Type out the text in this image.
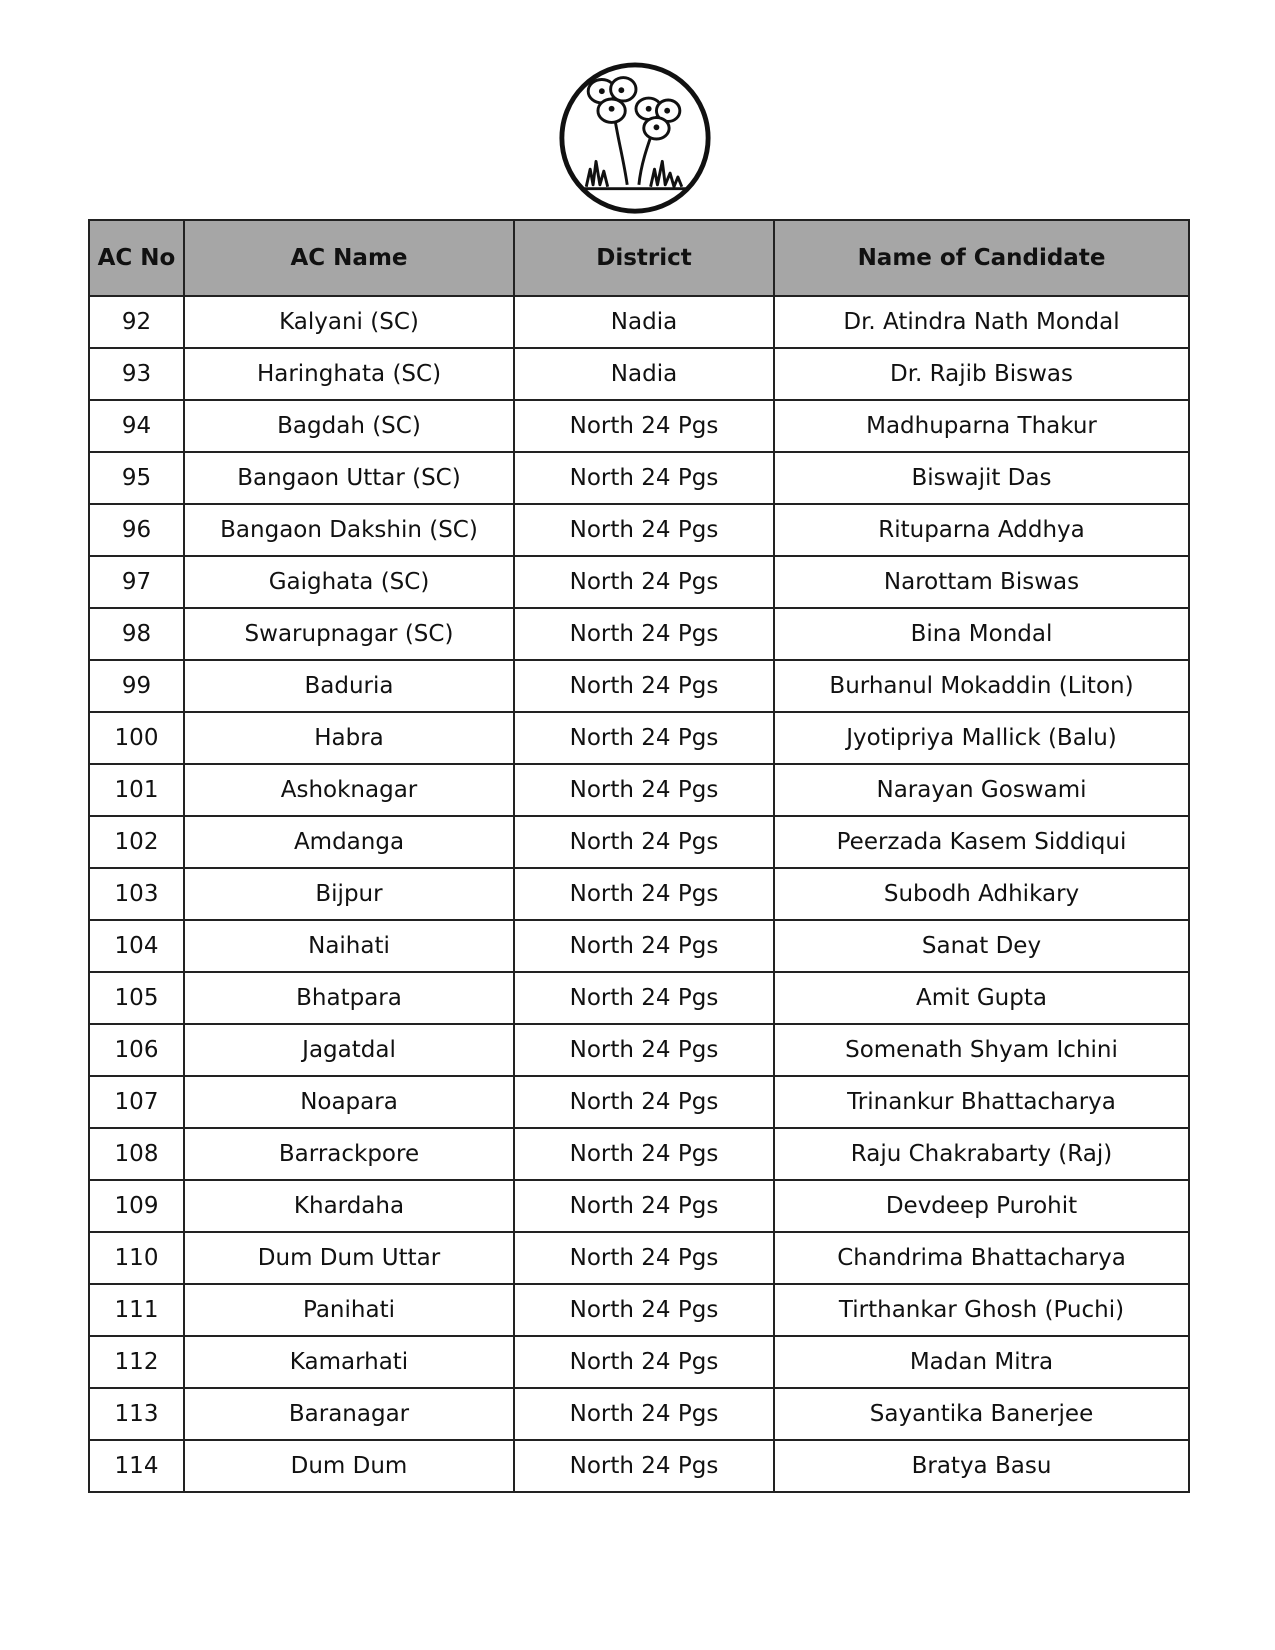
AC No	AC Name	District	Name of Candidate
92	Kalyani (SC)	Nadia	Dr. Atindra Nath Mondal
93	Haringhata (SC)	Nadia	Dr. Rajib Biswas
94	Bagdah (SC)	North 24 Pgs	Madhuparna Thakur
95	Bangaon Uttar (SC)	North 24 Pgs	Biswajit Das
96	Bangaon Dakshin (SC)	North 24 Pgs	Rituparna Addhya
97	Gaighata (SC)	North 24 Pgs	Narottam Biswas
98	Swarupnagar (SC)	North 24 Pgs	Bina Mondal
99	Baduria	North 24 Pgs	Burhanul Mokaddin (Liton)
100	Habra	North 24 Pgs	Jyotipriya Mallick (Balu)
101	Ashoknagar	North 24 Pgs	Narayan Goswami
102	Amdanga	North 24 Pgs	Peerzada Kasem Siddiqui
103	Bijpur	North 24 Pgs	Subodh Adhikary
104	Naihati	North 24 Pgs	Sanat Dey
105	Bhatpara	North 24 Pgs	Amit Gupta
106	Jagatdal	North 24 Pgs	Somenath Shyam Ichini
107	Noapara	North 24 Pgs	Trinankur Bhattacharya
108	Barrackpore	North 24 Pgs	Raju Chakrabarty (Raj)
109	Khardaha	North 24 Pgs	Devdeep Purohit
110	Dum Dum Uttar	North 24 Pgs	Chandrima Bhattacharya
111	Panihati	North 24 Pgs	Tirthankar Ghosh (Puchi)
112	Kamarhati	North 24 Pgs	Madan Mitra
113	Baranagar	North 24 Pgs	Sayantika Banerjee
114	Dum Dum	North 24 Pgs	Bratya Basu
